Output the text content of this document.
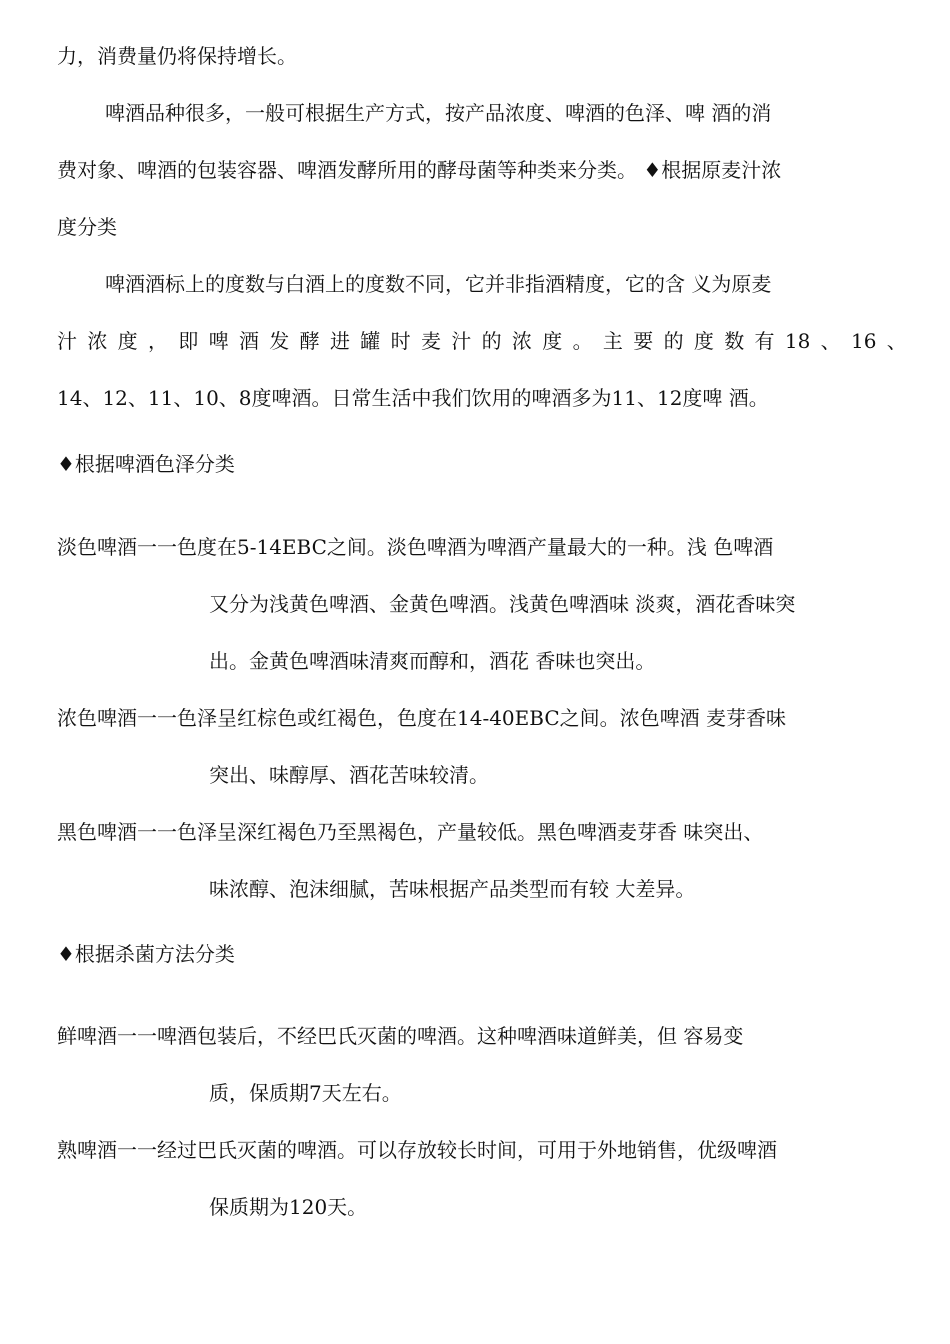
力，消费量仍将保持增长。
啤酒品种很多，一般可根据生产方式，按产品浓度、啤酒的色泽、啤 酒的消
费对象、啤酒的包装容器、啤酒发酵所用的酵母菌等种类来分类。 ♦根据原麦汁浓
度分类
啤酒酒标上的度数与白酒上的度数不同，它并非指酒精度，它的含 义为原麦
汁 浓 度 ， 即 啤 酒 发 酵 进 罐 时 麦 汁 的 浓 度 。 主 要 的 度 数 有 18 、 16 、
14、12、11、10、8度啤酒。日常生活中我们饮用的啤酒多为11、12度啤 酒。
♦根据啤酒色泽分类
淡色啤酒一一色度在5-14EBC之间。淡色啤酒为啤酒产量最大的一种。浅 色啤酒
又分为浅黄色啤酒、金黄色啤酒。浅黄色啤酒味 淡爽，酒花香味突
出。金黄色啤酒味清爽而醇和，酒花 香味也突出。
浓色啤酒一一色泽呈红棕色或红褐色，色度在14-40EBC之间。浓色啤酒 麦芽香味
突出、味醇厚、酒花苦味较清。
黑色啤酒一一色泽呈深红褐色乃至黑褐色，产量较低。黑色啤酒麦芽香 味突出、
味浓醇、泡沫细腻，苦味根据产品类型而有较 大差异。
♦根据杀菌方法分类
鲜啤酒一一啤酒包装后，不经巴氏灭菌的啤酒。这种啤酒味道鲜美，但 容易变
质，保质期7天左右。
熟啤酒一一经过巴氏灭菌的啤酒。可以存放较长时间，可用于外地销售，优级啤酒
保质期为120天。
